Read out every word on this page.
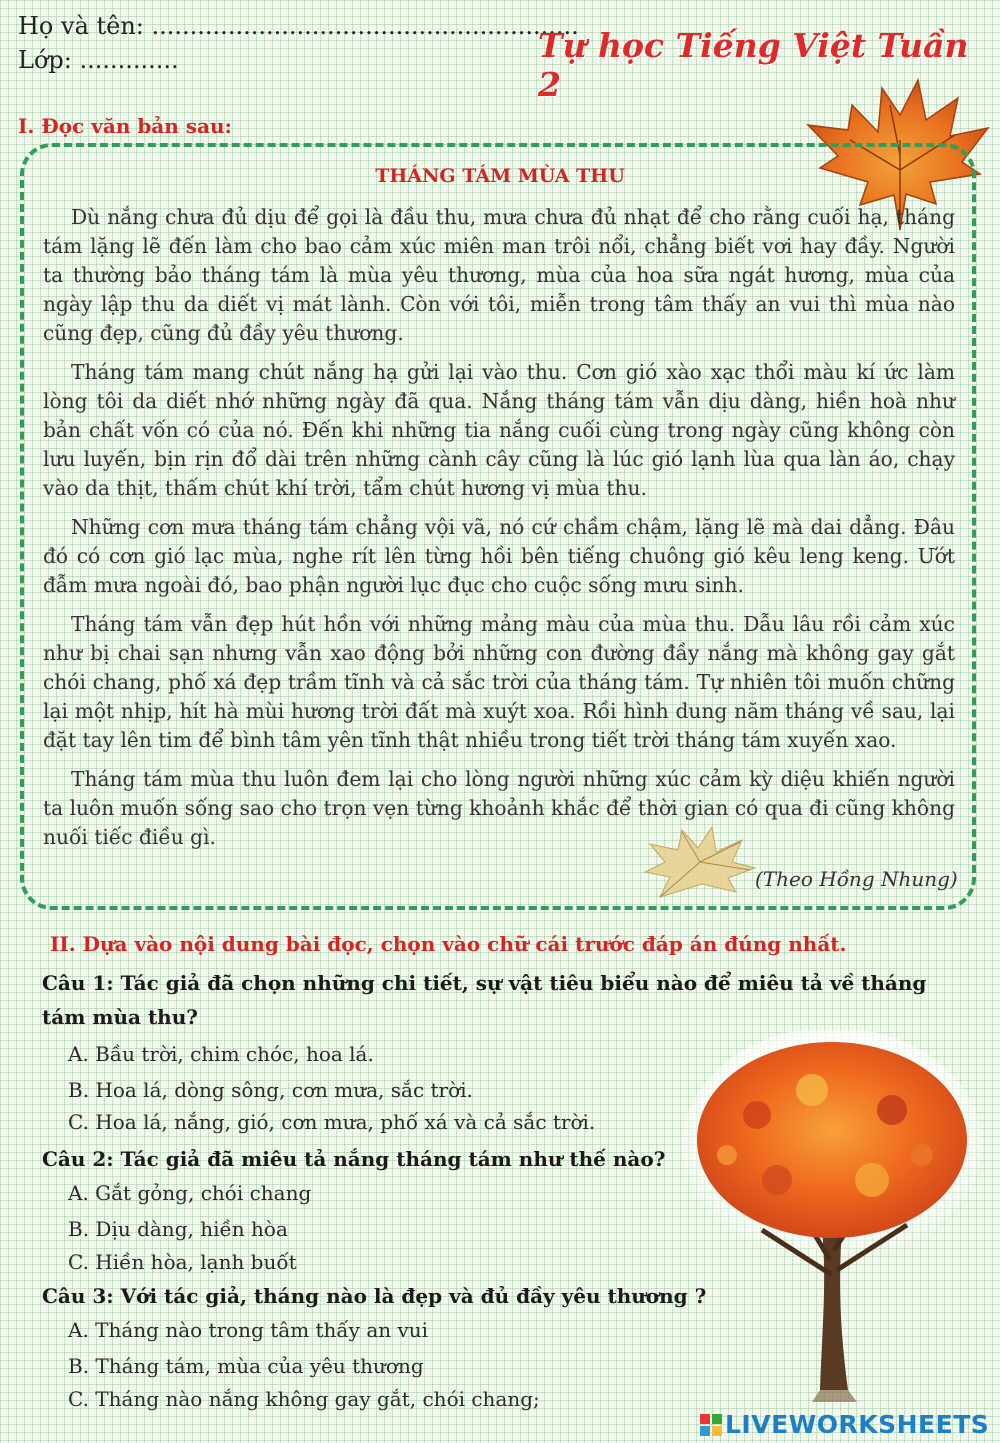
Họ và tên: ........................................................
Lớp: .............	Tự học Tiếng Việt Tuần 2
I. Đọc văn bản sau:
THÁNG TÁM MÙA THU

Dù nắng chưa đủ dịu để gọi là đầu thu, mưa chưa đủ nhạt để cho rằng cuối hạ, tháng tám lặng lẽ đến làm cho bao cảm xúc miên man trôi nổi, chẳng biết vơi hay đầy. Người ta thường bảo tháng tám là mùa yêu thương, mùa của hoa sữa ngát hương, mùa của ngày lập thu da diết vị mát lành. Còn với tôi, miễn trong tâm thấy an vui thì mùa nào cũng đẹp, cũng đủ đầy yêu thương.

Tháng tám mang chút nắng hạ gửi lại vào thu. Cơn gió xào xạc thổi màu kí ức làm lòng tôi da diết nhớ những ngày đã qua. Nắng tháng tám vẫn dịu dàng, hiền hoà như bản chất vốn có của nó. Đến khi những tia nắng cuối cùng trong ngày cũng không còn lưu luyến, bịn rịn đổ dài trên những cành cây cũng là lúc gió lạnh lùa qua làn áo, chạy vào da thịt, thấm chút khí trời, tẩm chút hương vị mùa thu.

Những cơn mưa tháng tám chẳng vội vã, nó cứ chầm chậm, lặng lẽ mà dai dẳng. Đâu đó có cơn gió lạc mùa, nghe rít lên từng hồi bên tiếng chuông gió kêu leng keng. Ướt đẫm mưa ngoài đó, bao phận người lục đục cho cuộc sống mưu sinh.

Tháng tám vẫn đẹp hút hồn với những mảng màu của mùa thu. Dẫu lâu rồi cảm xúc như bị chai sạn nhưng vẫn xao động bởi những con đường đầy nắng mà không gay gắt chói chang, phố xá đẹp trầm tĩnh và cả sắc trời của tháng tám. Tự nhiên tôi muốn chững lại một nhịp, hít hà mùi hương trời đất mà xuýt xoa. Rồi hình dung năm tháng về sau, lại đặt tay lên tim để bình tâm yên tĩnh thật nhiều trong tiết trời tháng tám xuyến xao.

Tháng tám mùa thu luôn đem lại cho lòng người những xúc cảm kỳ diệu khiến người ta luôn muốn sống sao cho trọn vẹn từng khoảnh khắc để thời gian có qua đi cũng không nuối tiếc điều gì.

(Theo Hồng Nhung)
II. Dựa vào nội dung bài đọc, chọn vào chữ cái trước đáp án đúng nhất.
Câu 1: Tác giả đã chọn những chi tiết, sự vật tiêu biểu nào để miêu tả về tháng tám mùa thu?
A. Bầu trời, chim chóc, hoa lá.
B. Hoa lá, dòng sông, cơn mưa, sắc trời.
C. Hoa lá, nắng, gió, cơn mưa, phố xá và cả sắc trời.
Câu 2: Tác giả đã miêu tả nắng tháng tám như thế nào?
A. Gắt gỏng, chói chang
B. Dịu dàng, hiền hòa
C. Hiền hòa, lạnh buốt
Câu 3: Với tác giả, tháng nào là đẹp và đủ đầy yêu thương ?
A. Tháng nào trong tâm thấy an vui
B. Tháng tám, mùa của yêu thương
C. Tháng nào nắng không gay gắt, chói chang;
LIVEWORKSHEETS
